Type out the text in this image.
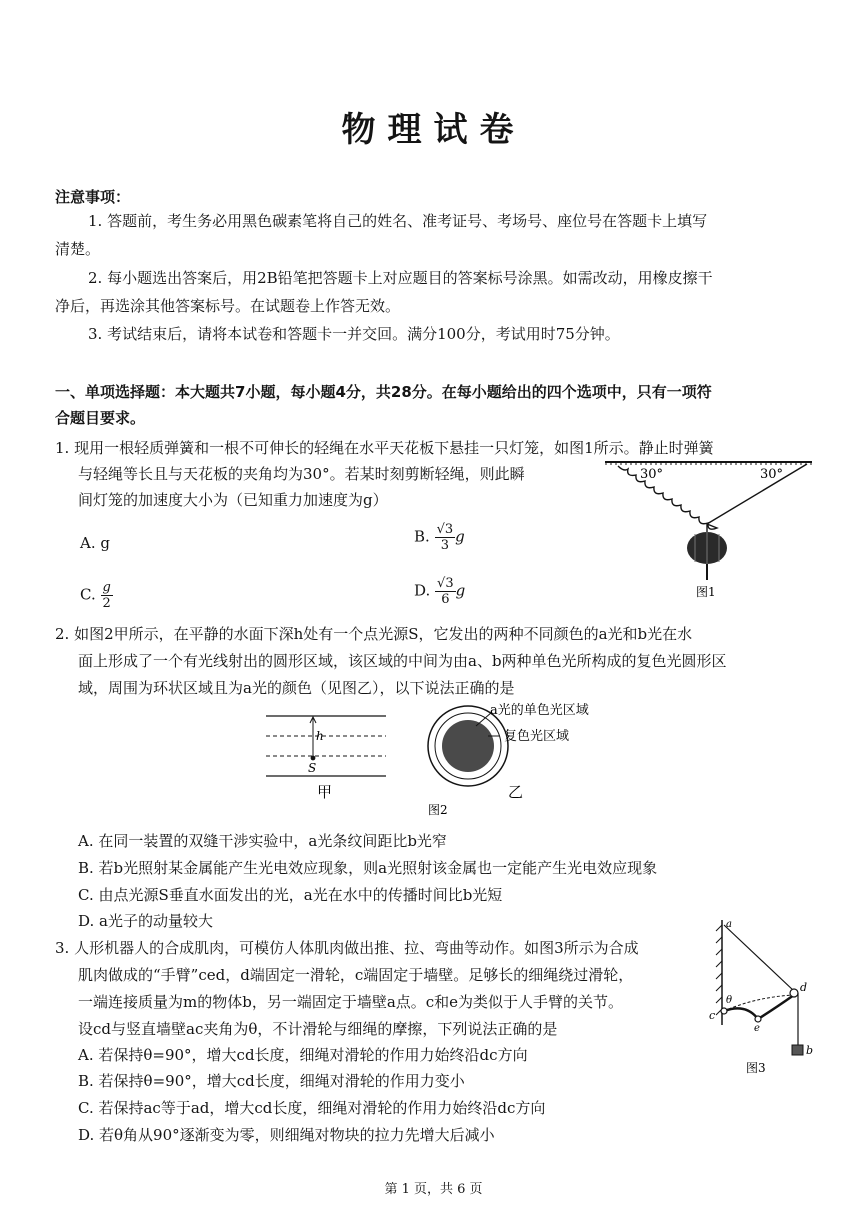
物理试卷
注意事项：
1. 答题前，考生务必用黑色碳素笔将自己的姓名、准考证号、考场号、座位号在答题卡上填写
清楚。
2. 每小题选出答案后，用2B铅笔把答题卡上对应题目的答案标号涂黑。如需改动，用橡皮擦干
净后，再选涂其他答案标号。在试题卷上作答无效。
3. 考试结束后，请将本试卷和答题卡一并交回。满分100分，考试用时75分钟。
一、单项选择题：本大题共7小题，每小题4分，共28分。在每小题给出的四个选项中，只有一项符
合题目要求。
1. 现用一根轻质弹簧和一根不可伸长的轻绳在水平天花板下悬挂一只灯笼，如图1所示。静止时弹簧
与轻绳等长且与天花板的夹角均为30°。若某时刻剪断轻绳，则此瞬
间灯笼的加速度大小为（已知重力加速度为g）
A. g	B. $\frac{√3}{3}$ g
C. $\frac{g}{2}$	D. $\frac{√3}{6}$ g
30°	30°
图1
2. 如图2甲所示，在平静的水面下深h处有一个点光源S，它发出的两种不同颜色的a光和b光在水
面上形成了一个有光线射出的圆形区域，该区域的中间为由a、b两种单色光所构成的复色光圆形区
域，周围为环状区域且为a光的颜色（见图乙），以下说法正确的是
h
S
甲
a光的单色光区域
复色光区域
乙
图2
A. 在同一装置的双缝干涉实验中，a光条纹间距比b光窄
B. 若b光照射某金属能产生光电效应现象，则a光照射该金属也一定能产生光电效应现象
C. 由点光源S垂直水面发出的光，a光在水中的传播时间比b光短
D. a光子的动量较大
3. 人形机器人的合成肌肉，可模仿人体肌肉做出推、拉、弯曲等动作。如图3所示为合成
肌肉做成的“手臂”ced，d端固定一滑轮，c端固定于墙壁。足够长的细绳绕过滑轮，
一端连接质量为m的物体b，另一端固定于墙壁a点。c和e为类似于人手臂的关节。
设cd与竖直墙壁ac夹角为θ，不计滑轮与细绳的摩擦，下列说法正确的是
A. 若保持θ=90°，增大cd长度，细绳对滑轮的作用力始终沿dc方向
B. 若保持θ=90°，增大cd长度，细绳对滑轮的作用力变小
C. 若保持ac等于ad，增大cd长度，细绳对滑轮的作用力始终沿dc方向
D. 若θ角从90°逐渐变为零，则细绳对物块的拉力先增大后减小
a
d
c
e
θ
b
图3
第 1 页，共 6 页
